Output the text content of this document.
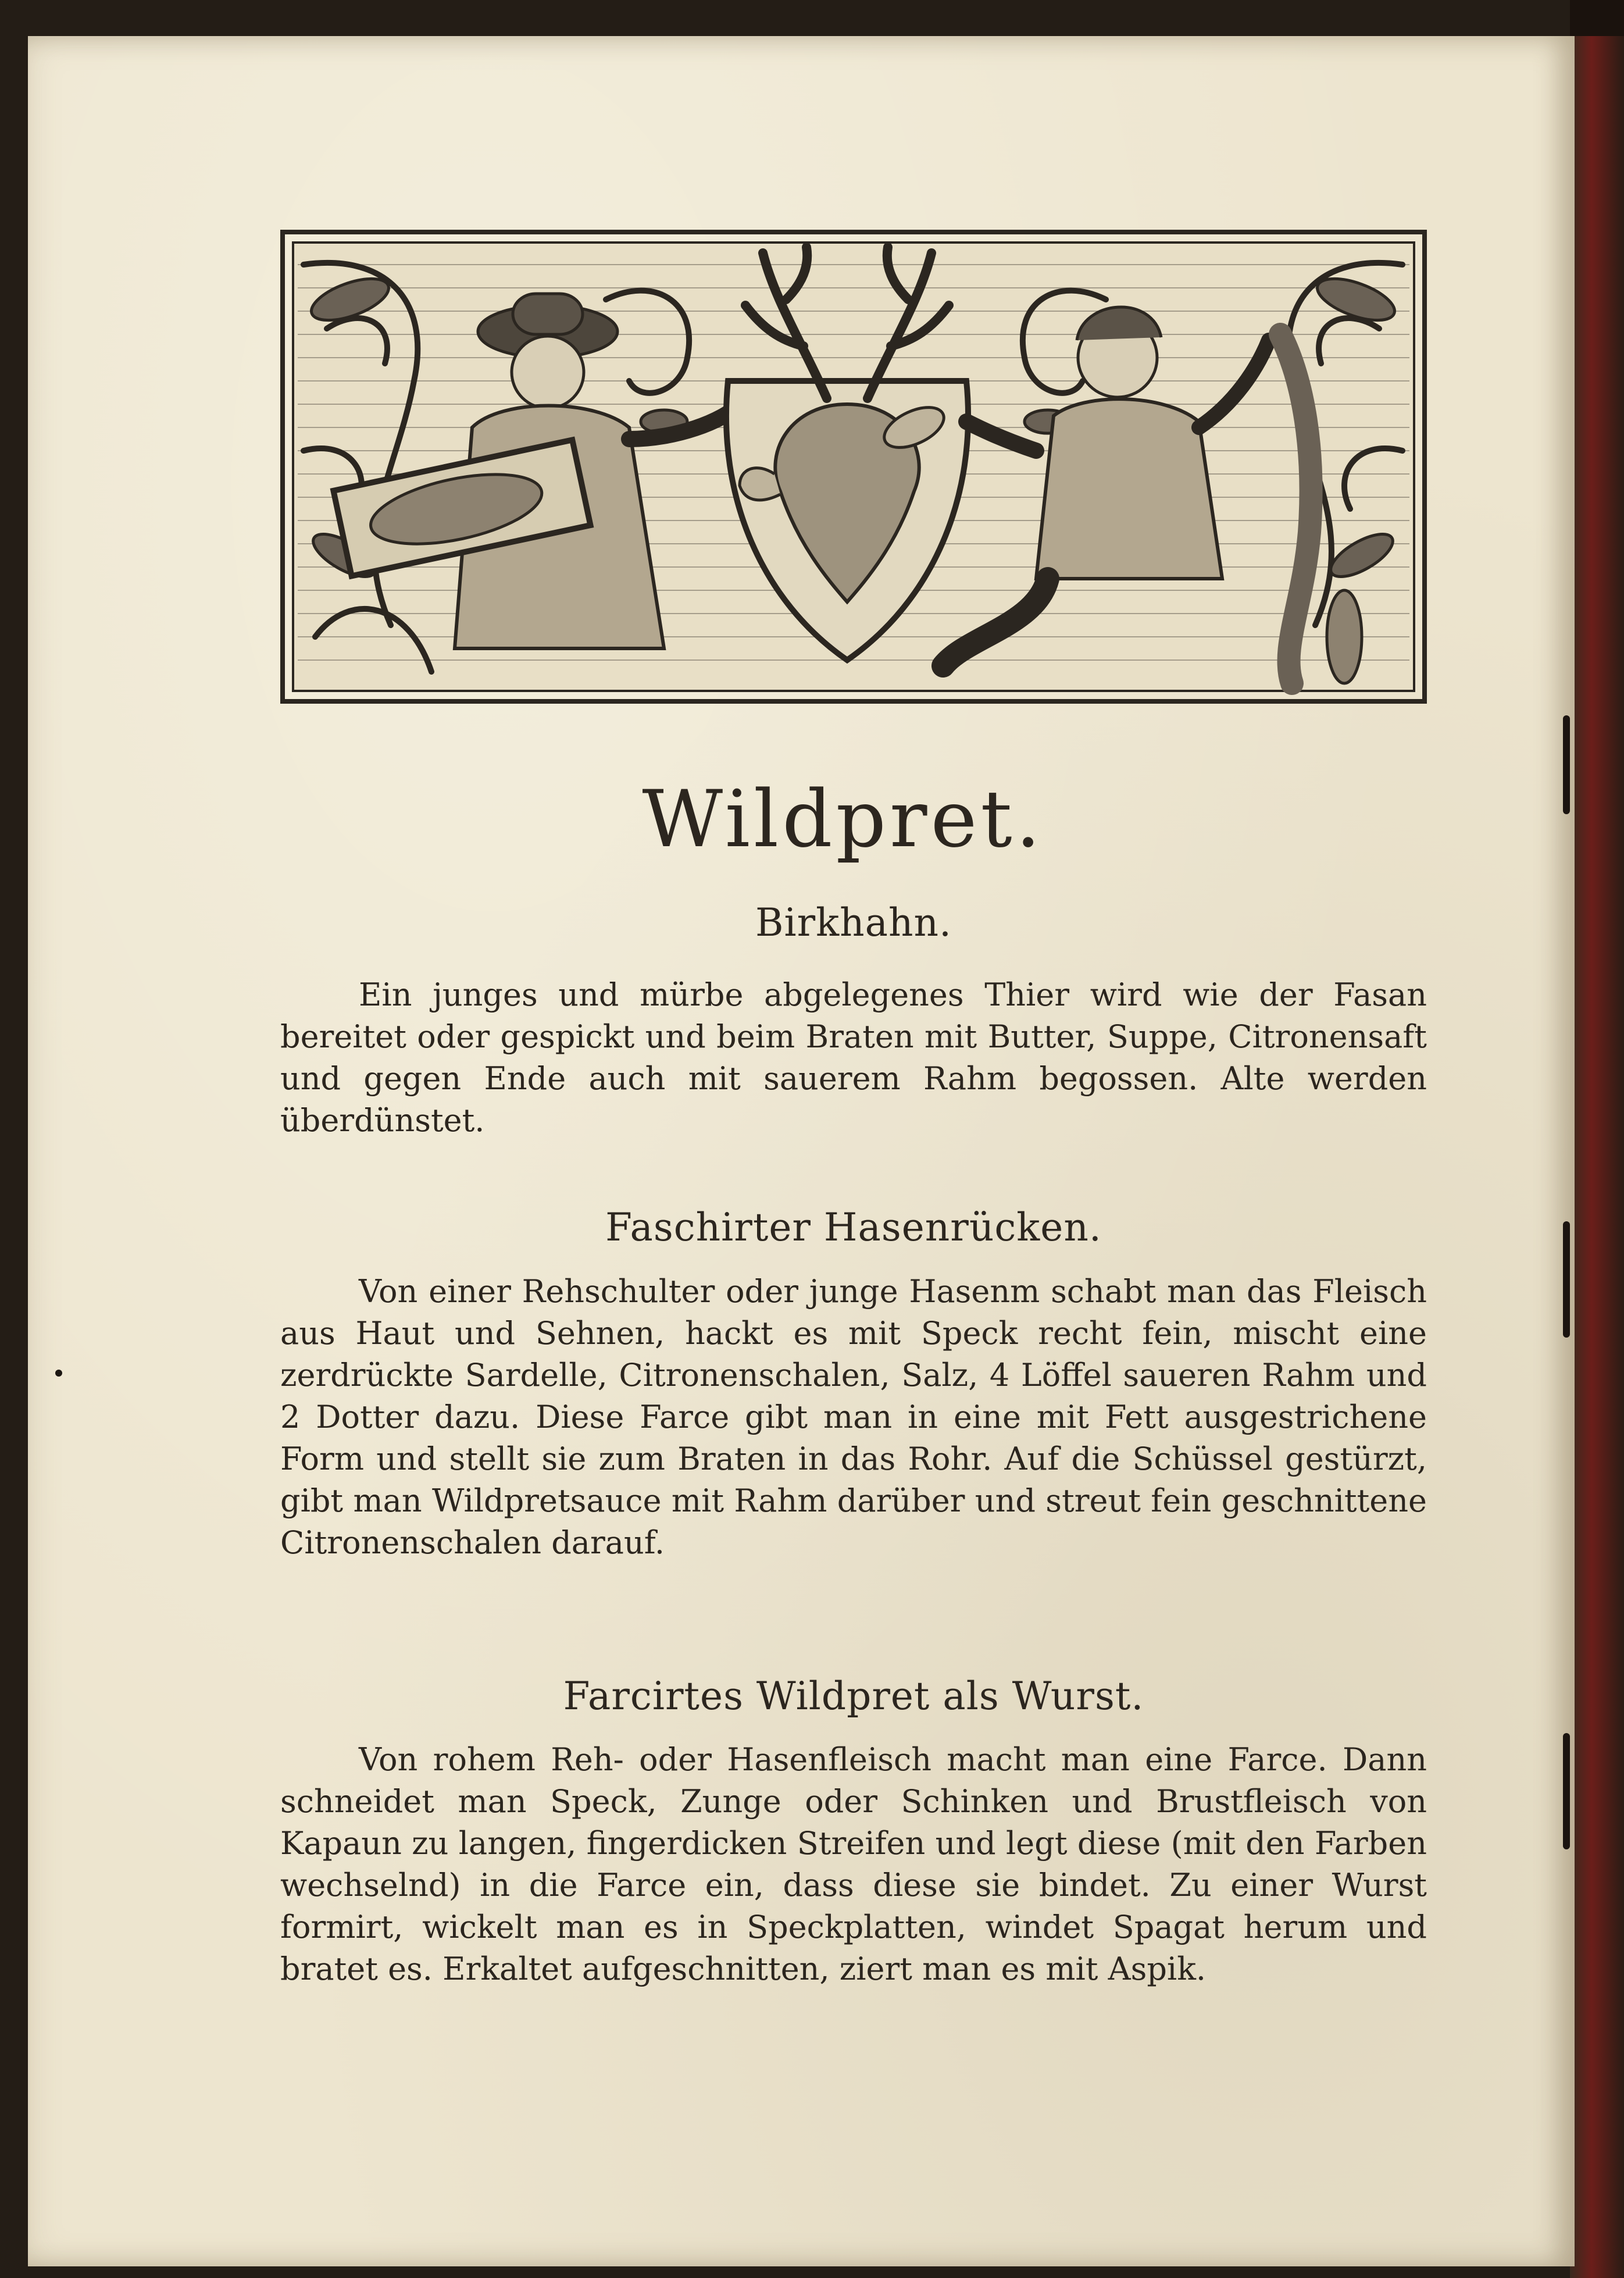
Wildpret.
Birkhahn.

Ein junges und mürbe abgelegenes Thier wird wie der Fasan bereitet oder gespickt und beim Braten mit Butter, Suppe, Citronensaft und gegen Ende auch mit sauerem Rahm begossen. Alte werden überdünstet.

Faschirter Hasenrücken.

Von einer Rehschulter oder junge Hasenm schabt man das Fleisch aus Haut und Sehnen, hackt es mit Speck recht fein, mischt eine zerdrückte Sardelle, Citronenschalen, Salz, 4 Löffel saueren Rahm und 2 Dotter dazu. Diese Farce gibt man in eine mit Fett ausgestrichene Form und stellt sie zum Braten in das Rohr. Auf die Schüssel gestürzt, gibt man Wildpretsauce mit Rahm darüber und streut fein geschnittene Citronenschalen darauf.

Farcirtes Wildpret als Wurst.

Von rohem Reh- oder Hasenfleisch macht man eine Farce. Dann schneidet man Speck, Zunge oder Schinken und Brustfleisch von Kapaun zu langen, fingerdicken Streifen und legt diese (mit den Farben wechselnd) in die Farce ein, dass diese sie bindet. Zu einer Wurst formirt, wickelt man es in Speckplatten, windet Spagat herum und bratet es. Erkaltet aufgeschnitten, ziert man es mit Aspik.
